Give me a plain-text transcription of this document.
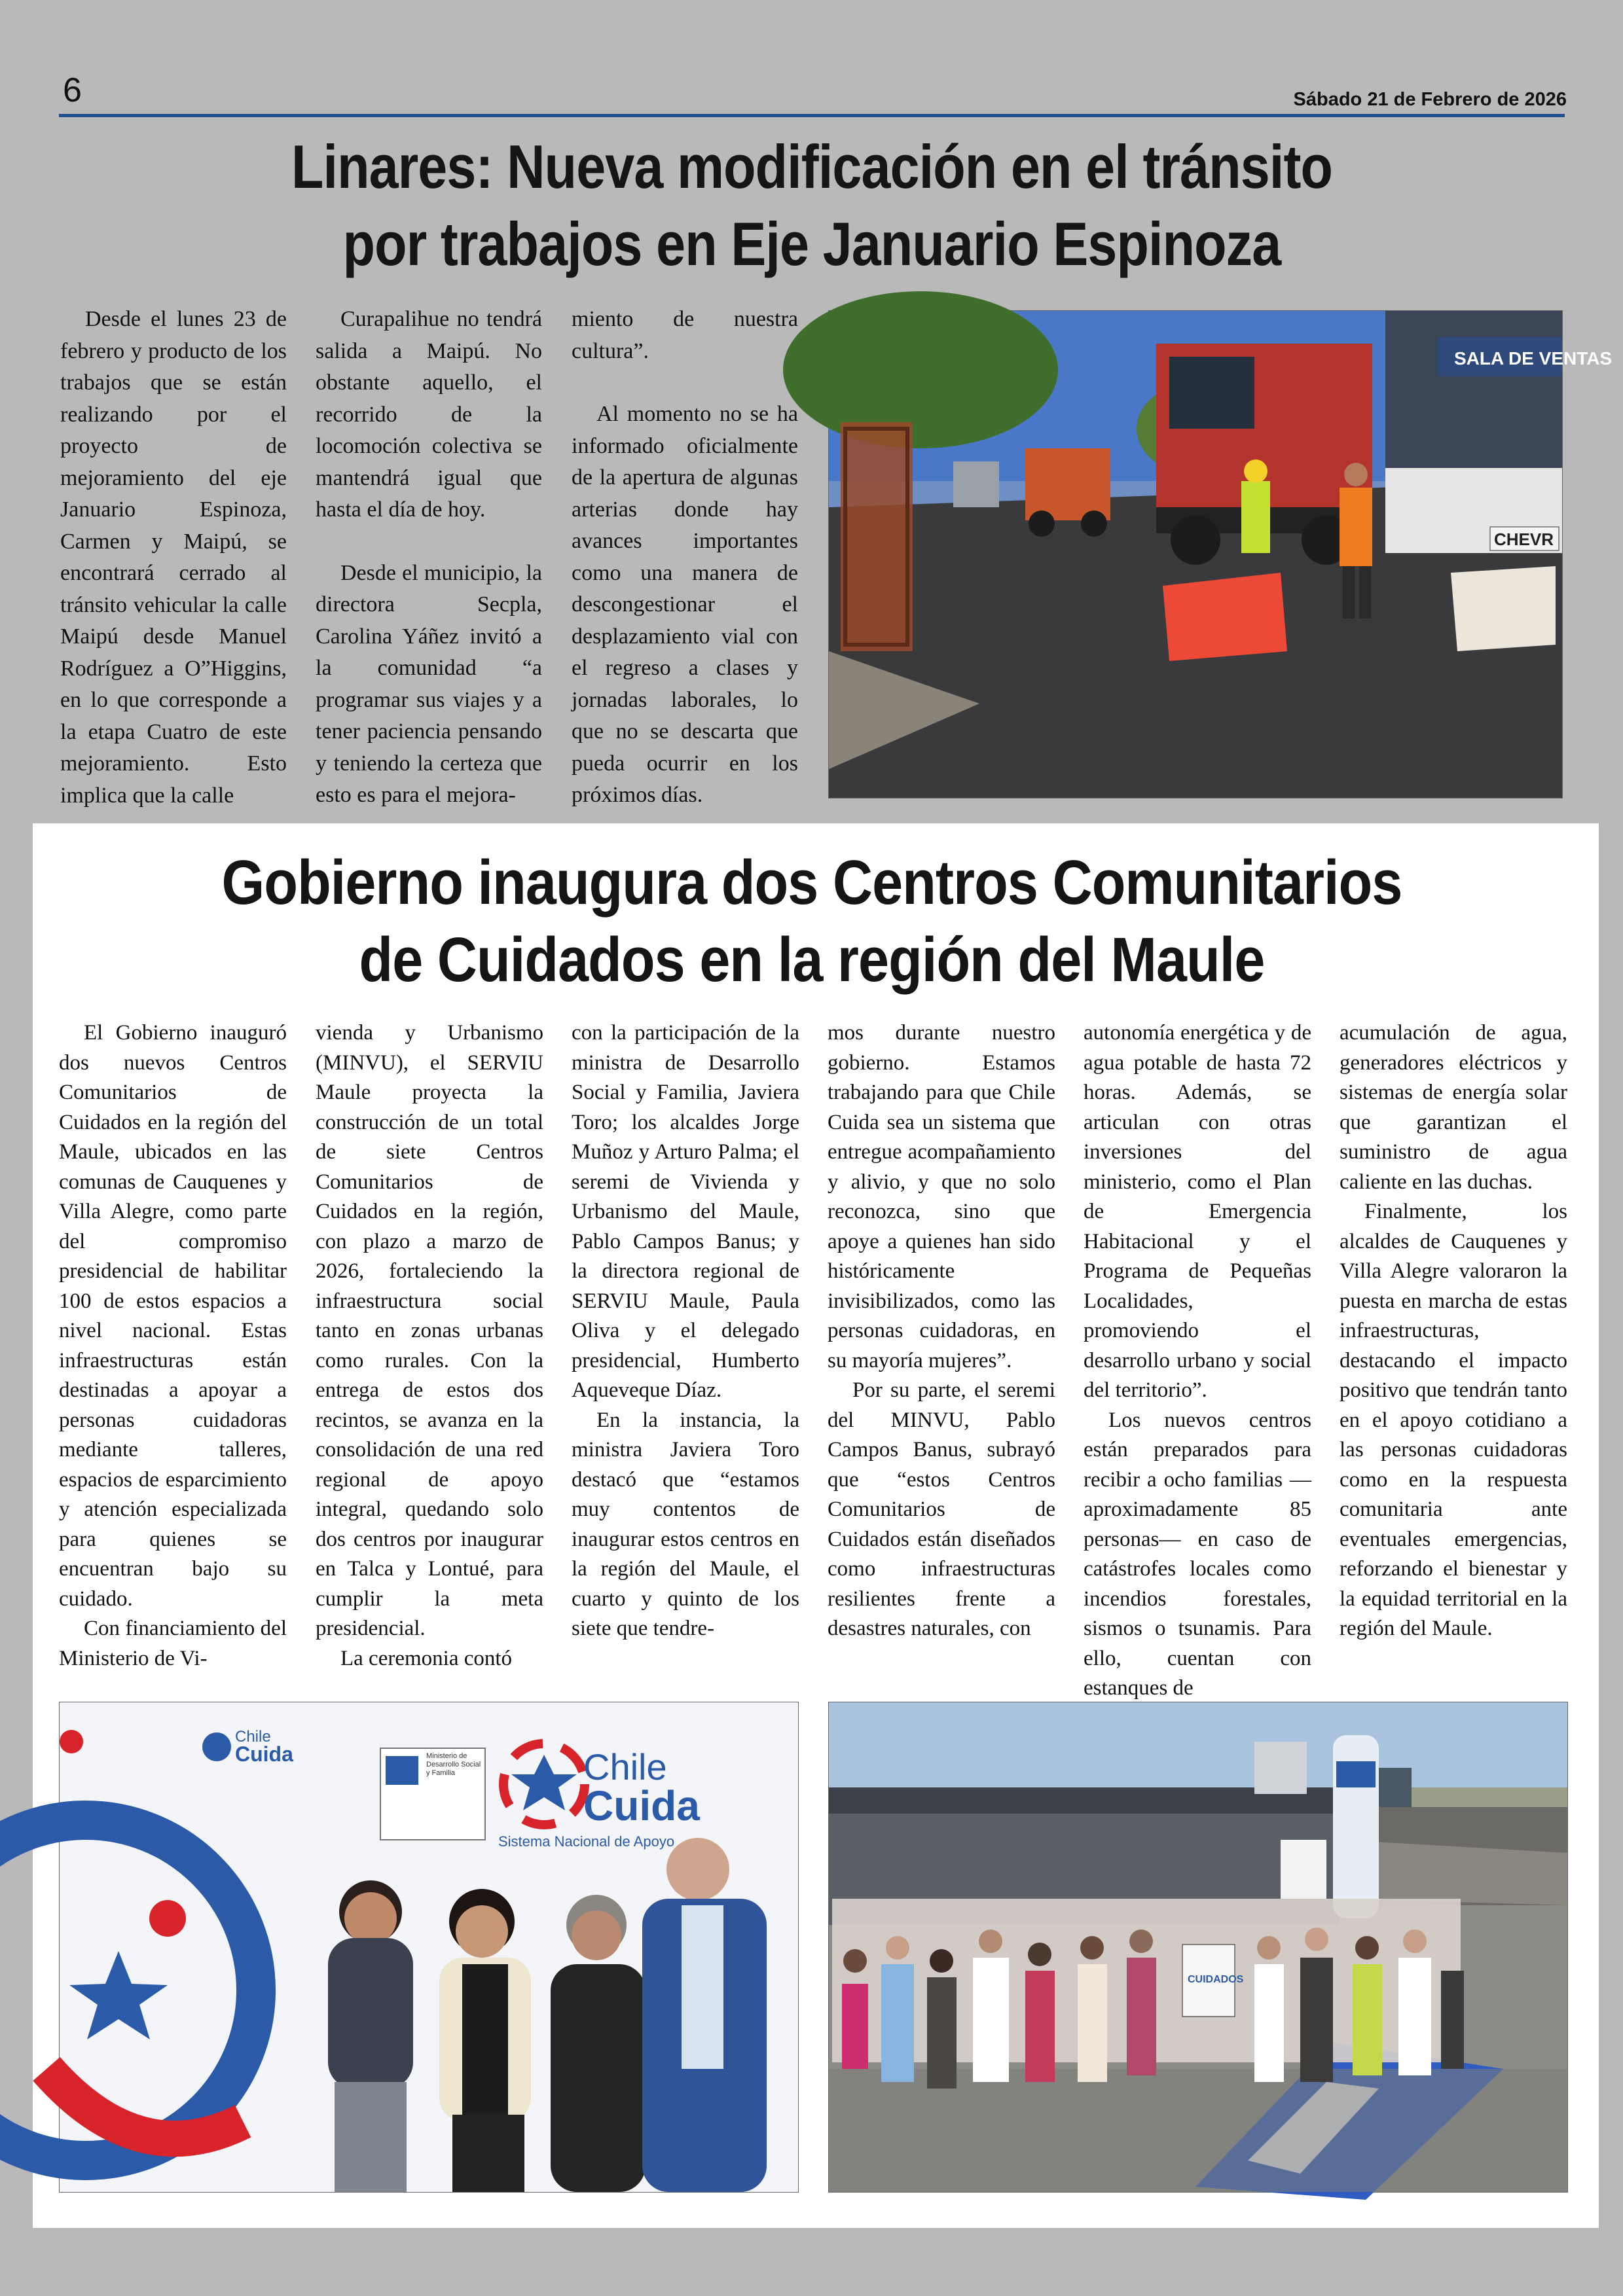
6	Sábado 21 de Febrero de 2026
Linares: Nueva modificación en el tránsito
por trabajos en Eje Januario Espinoza

Desde el lunes 23 de febrero y producto de los trabajos que se están realizando por el proyecto de mejoramiento del eje Januario Espinoza, Carmen y Maipú, se encontrará cerrado al tránsito vehicular la calle Maipú desde Manuel Rodríguez a O”Higgins, en lo que corresponde a la etapa Cuatro de este mejoramiento. Esto implica que la calle

Curapalihue no tendrá salida a Maipú. No obstante aquello, el recorrido de la locomoción colectiva se mantendrá igual que hasta el día de hoy.

Desde el municipio, la directora Secpla, Carolina Yáñez invitó a la comunidad “a programar sus viajes y a tener paciencia pensando y teniendo la certeza que esto es para el mejora-

miento de nuestra cultura”.

Al momento no se ha informado oficialmente de la apertura de algunas arterias donde hay avances importantes como una manera de descongestionar el desplazamiento vial con el regreso a clases y jornadas laborales, lo que no se descarta que pueda ocurrir en los próximos días.

SALA DE VENTAS
CHEVR
Gobierno inaugura dos Centros Comunitarios
de Cuidados en la región del Maule

El Gobierno inauguró dos nuevos Centros Comunitarios de Cuidados en la región del Maule, ubicados en las comunas de Cauquenes y Villa Alegre, como parte del compromiso presidencial de habilitar 100 de estos espacios a nivel nacional. Estas infraestructuras están destinadas a apoyar a personas cuidadoras mediante talleres, espacios de esparcimiento y atención especializada para quienes se encuentran bajo su cuidado.

Con financiamiento del Ministerio de Vi-

vienda y Urbanismo (MINVU), el SERVIU Maule proyecta la construcción de un total de siete Centros Comunitarios de Cuidados en la región, con plazo a marzo de 2026, fortaleciendo la infraestructura social tanto en zonas urbanas como rurales. Con la entrega de estos dos recintos, se avanza en la consolidación de una red regional de apoyo integral, quedando solo dos centros por inaugurar en Talca y Lontué, para cumplir la meta presidencial.

La ceremonia contó

con la participación de la ministra de Desarrollo Social y Familia, Javiera Toro; los alcaldes Jorge Muñoz y Arturo Palma; el seremi de Vivienda y Urbanismo del Maule, Pablo Campos Banus; y la directora regional de SERVIU Maule, Paula Oliva y el delegado presidencial, Humberto Aqueveque Díaz.

En la instancia, la ministra Javiera Toro destacó que “estamos muy contentos de inaugurar estos centros en la región del Maule, el cuarto y quinto de los siete que tendre-

mos durante nuestro gobierno. Estamos trabajando para que Chile Cuida sea un sistema que entregue acompañamiento y alivio, y que no solo reconozca, sino que apoye a quienes han sido históricamente invisibilizados, como las personas cuidadoras, en su mayoría mujeres”.

Por su parte, el seremi del MINVU, Pablo Campos Banus, subrayó que “estos Centros Comunitarios de Cuidados están diseñados como infraestructuras resilientes frente a desastres naturales, con

autonomía energética y de agua potable de hasta 72 horas. Además, se articulan con otras inversiones del ministerio, como el Plan de Emergencia Habitacional y el Programa de Pequeñas Localidades, promoviendo el desarrollo urbano y social del territorio”.

Los nuevos centros están preparados para recibir a ocho familias —aproximadamente 85 personas— en caso de catástrofes locales como incendios forestales, sismos o tsunamis. Para ello, cuentan con estanques de

acumulación de agua, generadores eléctricos y sistemas de energía solar que garantizan el suministro de agua caliente en las duchas.

Finalmente, los alcaldes de Cauquenes y Villa Alegre valoraron la puesta en marcha de estas infraestructuras, destacando el impacto positivo que tendrán tanto en el apoyo cotidiano a las personas cuidadoras como en la respuesta comunitaria ante eventuales emergencias, reforzando el bienestar y la equidad territorial en la región del Maule.

Chile
Cuida	Ministerio de Desarrollo Social y Familia	Chile
Cuida
Sistema Nacional de Apoyo
CUIDADOS
